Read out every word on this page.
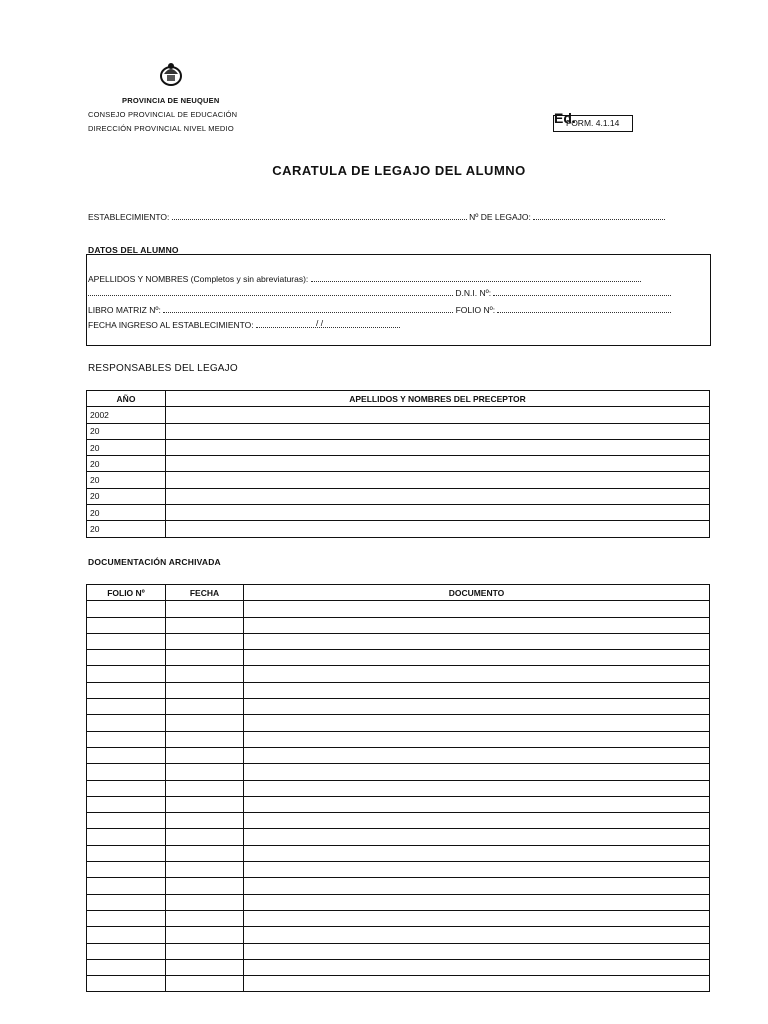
PROVINCIA DE NEUQUEN
CONSEJO PROVINCIAL DE EDUCACIÓN
DIRECCIÓN PROVINCIAL NIVEL MEDIO
Ed.
FORM. 4.1.14
CARATULA DE LEGAJO DEL ALUMNO
ESTABLECIMIENTO:	Nº DE LEGAJO:
DATOS DEL ALUMNO
APELLIDOS Y NOMBRES (Completos y sin abreviaturas):
D.N.I. Nº:
LIBRO MATRIZ Nº:	FOLIO Nº:
FECHA INGRESO AL ESTABLECIMIENTO:	/ /
RESPONSABLES DEL LEGAJO
AÑO	APELLIDOS Y NOMBRES DEL PRECEPTOR
2002	
20	
20	
20	
20	
20	
20	
20	
DOCUMENTACIÓN ARCHIVADA
FOLIO Nº	FECHA	DOCUMENTO
